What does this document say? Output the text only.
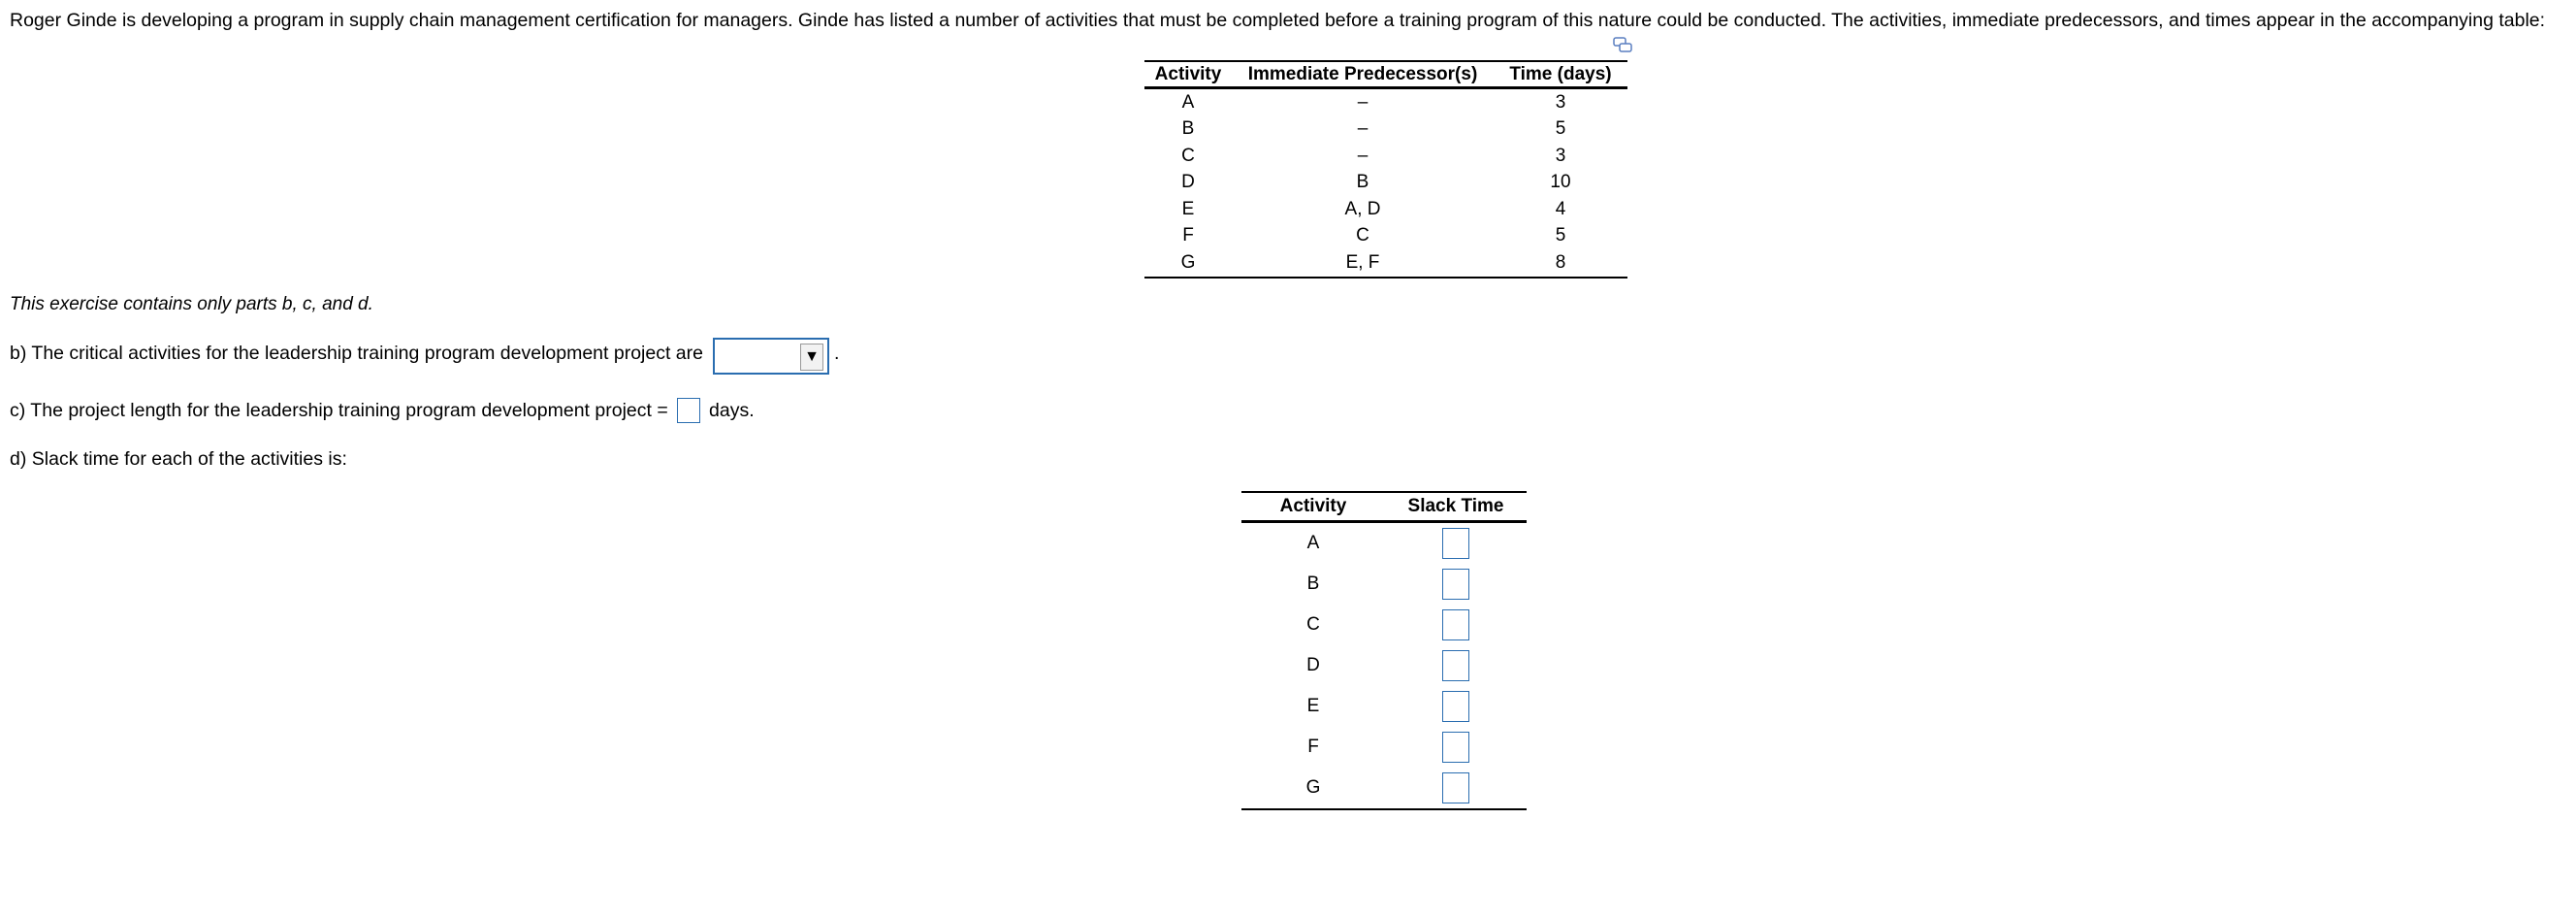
Roger Ginde is developing a program in supply chain management certification for managers. Ginde has listed a number of activities that must be completed before a training program of this nature could be conducted. The activities, immediate predecessors, and times appear in the accompanying table:
Activity	Immediate Predecessor(s)	Time (days)
A	–	3
B	–	5
C	–	3
D	B	10
E	A, D	4
F	C	5
G	E, F	8
This exercise contains only parts b, c, and d.
b) The critical activities for the leadership training program development project are	▼ .
c) The project length for the leadership training program development project = days.
d) Slack time for each of the activities is:
Activity	Slack Time
A	
B	
C	
D	
E	
F	
G	
